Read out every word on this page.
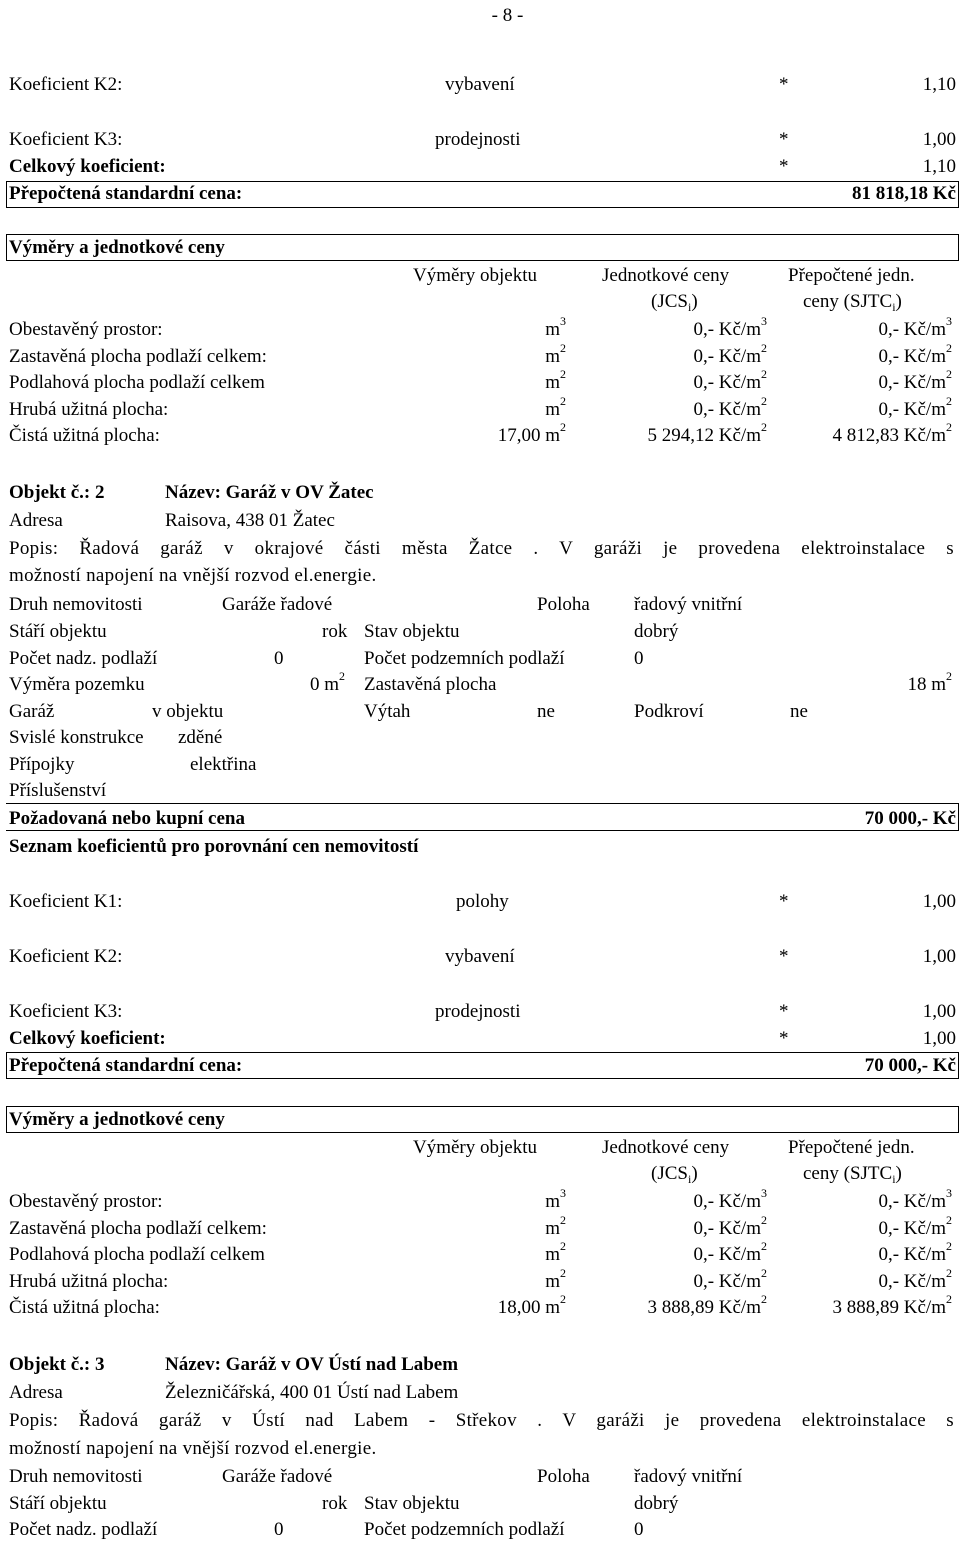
- 8 -
Koeficient K2:	vybavení	*	1,10
Koeficient K3:	prodejnosti	*	1,00
Celkový koeficient:	*	1,10
Přepočtená standardní cena:	81 818,18 Kč
Výměry a jednotkové ceny
Výměry objektu	Jednotkové ceny
$(JCS_i)$
Přepočtené jedn.
ceny $(SJTC_i)$
Obestavěný prostor:	$m^3$	0,- $Kč/m^3$	0,- $Kč/m^3$
Zastavěná plocha podlaží celkem:	$m^2$	0,- $Kč/m^2$	0,- $Kč/m^2$
Podlahová plocha podlaží celkem	$m^2$	0,- $Kč/m^2$	0,- $Kč/m^2$
Hrubá užitná plocha:	$m^2$	0,- $Kč/m^2$	0,- $Kč/m^2$
Čistá užitná plocha:	17,00 $m^2$	5 294,12 $Kč/m^2$	4 812,83 $Kč/m^2$
Objekt č.: 2	Název: Garáž v OV Žatec
Adresa	Raisova, 438 01 Žatec
Popis: Řadová garáž v okrajové části města Žatce . V garáži je provedena elektroinstalace s
možností napojení na vnější rozvod el.energie.
Druh nemovitosti	Garáže řadové	Poloha řadový vnitřní
Stáří objektu	rok Stav objektu	dobrý
Počet nadz. podlaží	0	Počet podzemních podlaží	0
Výměra pozemku	0 $m^2$ Zastavěná plocha	18 $m^2$
Garáž	v objektu	Výtah	ne	Podkroví	ne
Svislé konstrukce zděné
Přípojky	elektřina
Příslušenství
Požadovaná nebo kupní cena	70 000,- Kč
Seznam koeficientů pro porovnání cen nemovitostí
Koeficient K1:	polohy	*	1,00
Koeficient K2:	vybavení	*	1,00
Koeficient K3:	prodejnosti	*	1,00
Celkový koeficient:	*	1,00
Přepočtená standardní cena:	70 000,- Kč
Výměry a jednotkové ceny
Výměry objektu	Jednotkové ceny
$(JCS_i)$
Přepočtené jedn.
ceny $(SJTC_i)$
Obestavěný prostor:	$m^3$	0,- $Kč/m^3$	0,- $Kč/m^3$
Zastavěná plocha podlaží celkem:	$m^2$	0,- $Kč/m^2$	0,- $Kč/m^2$
Podlahová plocha podlaží celkem	$m^2$	0,- $Kč/m^2$	0,- $Kč/m^2$
Hrubá užitná plocha:	$m^2$	0,- $Kč/m^2$	0,- $Kč/m^2$
Čistá užitná plocha:	18,00 $m^2$	3 888,89 $Kč/m^2$	3 888,89 $Kč/m^2$
Objekt č.: 3	Název: Garáž v OV Ústí nad Labem
Adresa	Železničářská, 400 01 Ústí nad Labem
Popis: Řadová garáž v Ústí nad Labem - Střekov . V garáži je provedena elektroinstalace s
možností napojení na vnější rozvod el.energie.
Druh nemovitosti	Garáže řadové	Poloha řadový vnitřní
Stáří objektu	rok Stav objektu	dobrý
Počet nadz. podlaží	0	Počet podzemních podlaží	0
